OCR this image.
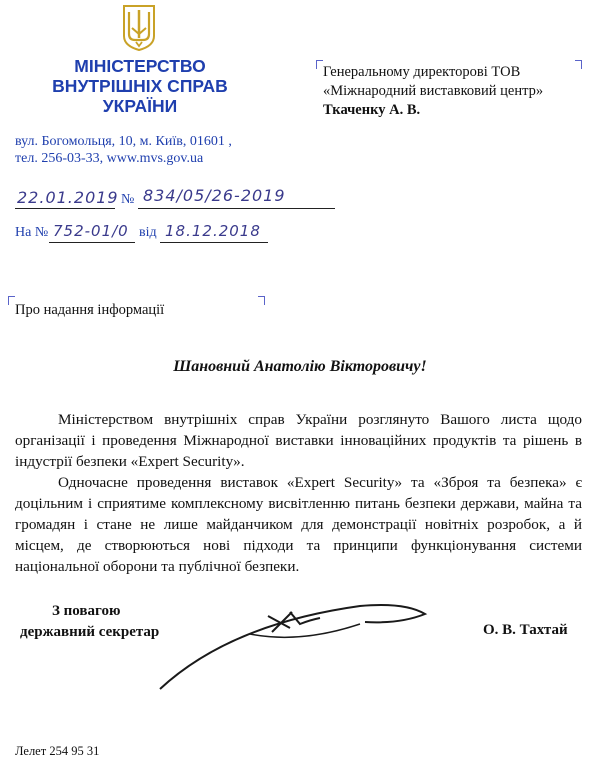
МІНІСТЕРСТВО
ВНУТРІШНІХ СПРАВ
УКРАЇНИ
вул. Богомольця, 10, м. Київ, 01601 ,
тел. 256-03-33, www.mvs.gov.ua
Генеральному директорові ТОВ
«Міжнародний виставковий центр»
Ткаченку А. В.
22.01.2019 № 834/05/26-2019
На № 752-01/0 від 18.12.2018
Про надання інформації
Шановний Анатолію Вікторовичу!

Міністерством внутрішніх справ України розглянуто Вашого листа щодо організації і проведення Міжнародної виставки інноваційних продуктів та рішень в індустрії безпеки «Expert Security».

Одночасне проведення виставок «Expert Security» та «Зброя та безпека» є доцільним і сприятиме комплексному висвітленню питань безпеки держави, майна та громадян і стане не лише майданчиком для демонстрації новітніх розробок, а й місцем, де створюються нові підходи та принципи функціонування системи національної оборони та публічної безпеки.

З повагою
державний секретар	О. В. Тахтай
Лелет 254 95 31
